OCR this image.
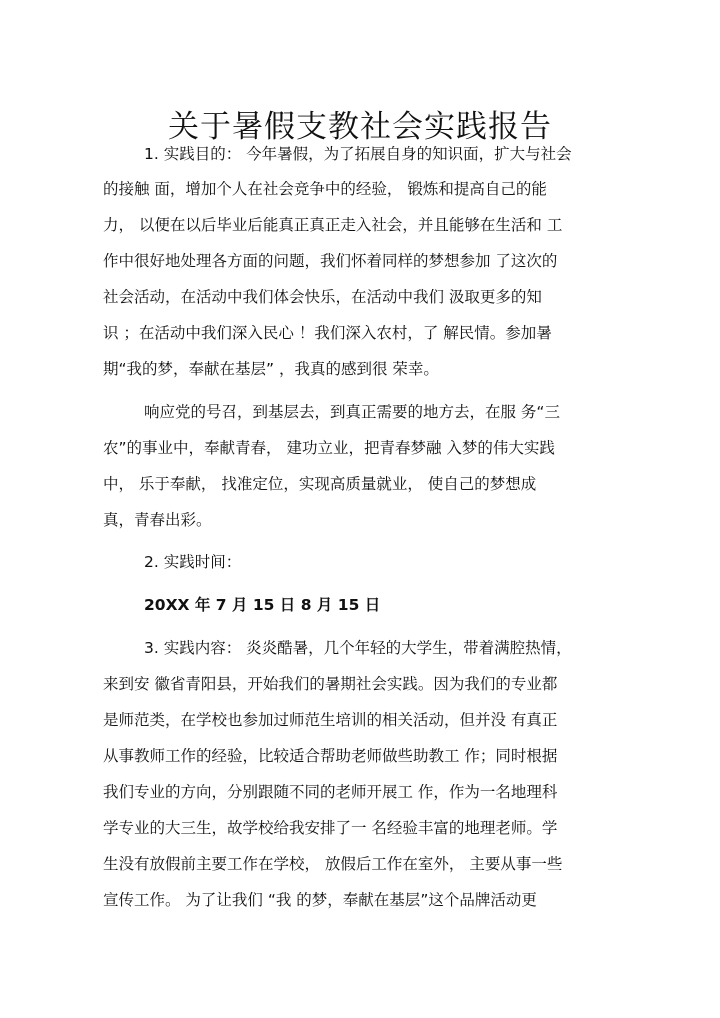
关于暑假支教社会实践报告
1. 实践目的： 今年暑假，为了拓展自身的知识面，扩大与社会
的接触 面，增加个人在社会竞争中的经验， 锻炼和提高自己的能
力， 以便在以后毕业后能真正真正走入社会，并且能够在生活和 工
作中很好地处理各方面的问题，我们怀着同样的梦想参加 了这次的
社会活动，在活动中我们体会快乐，在活动中我们 汲取更多的知
识 ；在活动中我们深入民心 ！我们深入农村，了 解民情。参加暑
期“我的梦，奉献在基层” ，我真的感到很 荣幸。
响应党的号召，到基层去，到真正需要的地方去，在服 务“三
农”的事业中，奉献青春， 建功立业，把青春梦融 入梦的伟大实践
中， 乐于奉献， 找准定位，实现高质量就业， 使自己的梦想成
真，青春出彩。
2. 实践时间：
20XX 年 7 月 15 日 8 月 15 日
3. 实践内容： 炎炎酷暑，几个年轻的大学生，带着满腔热情，
来到安 徽省青阳县，开始我们的暑期社会实践。因为我们的专业都
是师范类，在学校也参加过师范生培训的相关活动，但并没 有真正
从事教师工作的经验，比较适合帮助老师做些助教工 作；同时根据
我们专业的方向，分别跟随不同的老师开展工 作，作为一名地理科
学专业的大三生，故学校给我安排了一 名经验丰富的地理老师。学
生没有放假前主要工作在学校， 放假后工作在室外， 主要从事一些
宣传工作。 为了让我们 “我 的梦，奉献在基层”这个品牌活动更
